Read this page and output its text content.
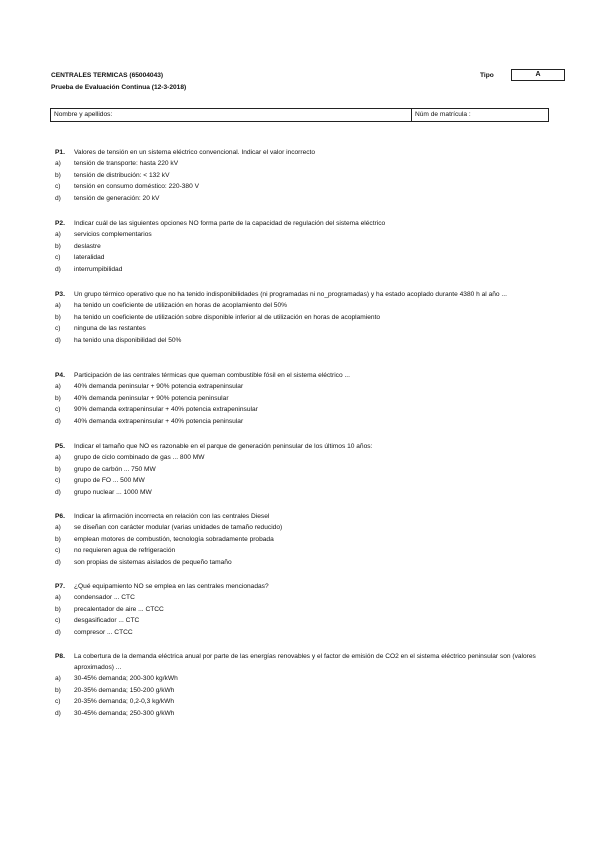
CENTRALES TERMICAS (65004043)
Prueba de Evaluación Continua (12-3-2018)
Tipo	A
Nombre y apellidos:	Núm de matrícula :
P1. Valores de tensión en un sistema eléctrico convencional. Indicar el valor incorrecto
a) tensión de transporte: hasta 220 kV
b) tensión de distribución: < 132 kV
c) tensión en consumo doméstico: 220-380 V
d) tensión de generación: 20 kV
P2. Indicar cuál de las siguientes opciones NO forma parte de la capacidad de regulación del sistema eléctrico
a) servicios complementarios
b) deslastre
c) lateralidad
d) interrumpibilidad
P3. Un grupo térmico operativo que no ha tenido indisponibilidades (ni programadas ni no_programadas) y ha estado acoplado durante 4380 h al año ...
a) ha tenido un coeficiente de utilización en horas de acoplamiento del 50%
b) ha tenido un coeficiente de utilización sobre disponible inferior al de utilización en horas de acoplamiento
c) ninguna de las restantes
d) ha tenido una disponibilidad del 50%
P4. Participación de las centrales térmicas que queman combustible fósil en el sistema eléctrico ...
a) 40% demanda peninsular + 90% potencia extrapeninsular
b) 40% demanda peninsular + 90% potencia peninsular
c) 90% demanda extrapeninsular + 40% potencia extrapeninsular
d) 40% demanda extrapeninsular + 40% potencia peninsular
P5. Indicar el tamaño que NO es razonable en el parque de generación peninsular de los últimos 10 años:
a) grupo de ciclo combinado de gas ... 800 MW
b) grupo de carbón ... 750 MW
c) grupo de FO ... 500 MW
d) grupo nuclear ... 1000 MW
P6. Indicar la afirmación incorrecta en relación con las centrales Diesel
a) se diseñan con carácter modular (varias unidades de tamaño reducido)
b) emplean motores de combustión, tecnología sobradamente probada
c) no requieren agua de refrigeración
d) son propias de sistemas aislados de pequeño tamaño
P7. ¿Qué equipamiento NO se emplea en las centrales mencionadas?
a) condensador ... CTC
b) precalentador de aire ... CTCC
c) desgasificador ... CTC
d) compresor ... CTCC
P8. La cobertura de la demanda eléctrica anual por parte de las energías renovables y el factor de emisión de CO2 en el sistema eléctrico peninsular son (valores aproximados) ...
a) 30-45% demanda; 200-300 kg/kWh
b) 20-35% demanda; 150-200 g/kWh
c) 20-35% demanda; 0,2-0,3 kg/kWh
d) 30-45% demanda; 250-300 g/kWh
